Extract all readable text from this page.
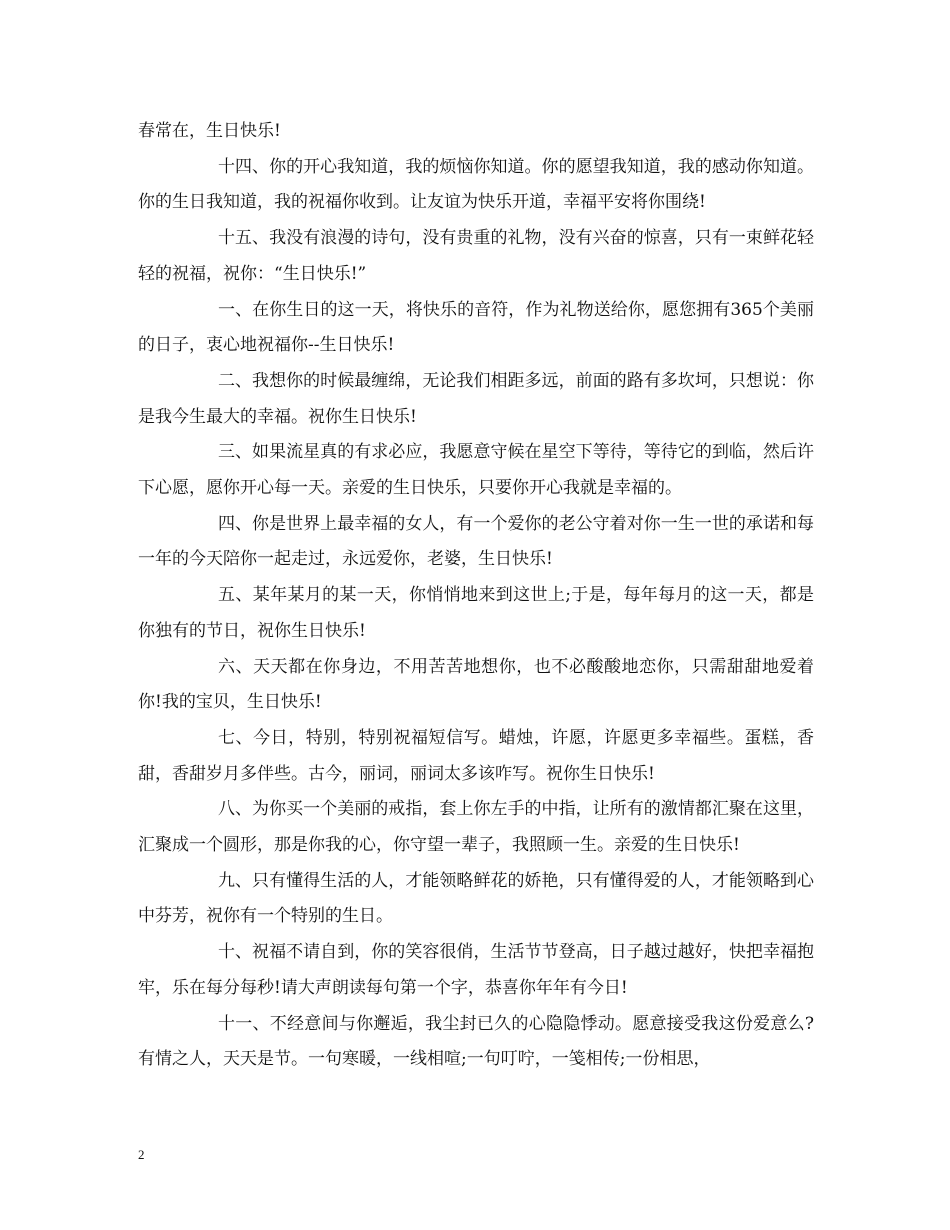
春常在，生日快乐!

十四、你的开心我知道，我的烦恼你知道。你的愿望我知道，我的感动你知道。你的生日我知道，我的祝福你收到。让友谊为快乐开道，幸福平安将你围绕!

十五、我没有浪漫的诗句，没有贵重的礼物，没有兴奋的惊喜，只有一束鲜花轻轻的祝福，祝你：“生日快乐!”

一、在你生日的这一天，将快乐的音符，作为礼物送给你，愿您拥有365个美丽的日子，衷心地祝福你--生日快乐!

二、我想你的时候最缠绵，无论我们相距多远，前面的路有多坎坷，只想说：你是我今生最大的幸福。祝你生日快乐!

三、如果流星真的有求必应，我愿意守候在星空下等待，等待它的到临，然后许下心愿，愿你开心每一天。亲爱的生日快乐，只要你开心我就是幸福的。

四、你是世界上最幸福的女人，有一个爱你的老公守着对你一生一世的承诺和每一年的今天陪你一起走过，永远爱你，老婆，生日快乐!

五、某年某月的某一天，你悄悄地来到这世上;于是，每年每月的这一天，都是你独有的节日，祝你生日快乐!

六、天天都在你身边，不用苦苦地想你，也不必酸酸地恋你，只需甜甜地爱着你!我的宝贝，生日快乐!

七、今日，特别，特别祝福短信写。蜡烛，许愿，许愿更多幸福些。蛋糕，香甜，香甜岁月多伴些。古今，丽词，丽词太多该咋写。祝你生日快乐!

八、为你买一个美丽的戒指，套上你左手的中指，让所有的激情都汇聚在这里，汇聚成一个圆形，那是你我的心，你守望一辈子，我照顾一生。亲爱的生日快乐!

九、只有懂得生活的人，才能领略鲜花的娇艳，只有懂得爱的人，才能领略到心中芬芳，祝你有一个特别的生日。

十、祝福不请自到，你的笑容很俏，生活节节登高，日子越过越好，快把幸福抱牢，乐在每分每秒!请大声朗读每句第一个字，恭喜你年年有今日!

十一、不经意间与你邂逅，我尘封已久的心隐隐悸动。愿意接受我这份爱意么?有情之人，天天是节。一句寒暖，一线相喧;一句叮咛，一笺相传;一份相思，

2
